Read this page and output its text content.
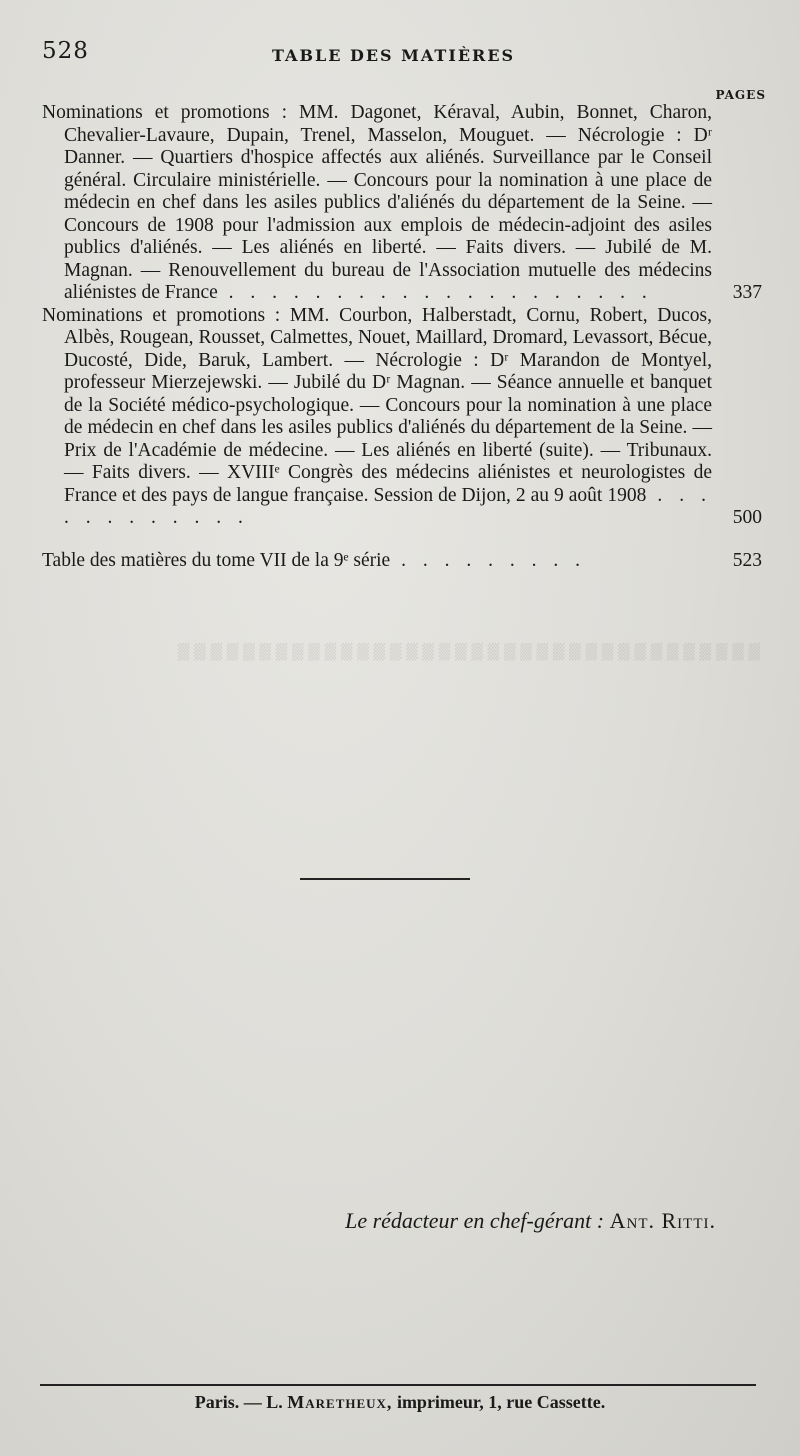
▒ ▒ ▒ ▒ ▒ ▒ ▒ ▒ ▒ ▒ ▒ ▒ ▒ ▒ ▒ ▒ ▒ ▒ ▒ ▒ ▒ ▒ ▒ ▒ ▒ ▒ ▒ ▒ ▒ ▒ ▒ ▒ ▒ ▒ ▒ ▒
528	TABLE DES MATIÈRES
PAGES
Nominations et promotions : MM. Dagonet, Kéraval, Aubin, Bonnet, Charon, Chevalier-Lavaure, Dupain, Trenel, Masselon, Mouguet. — Nécrologie : Dʳ Danner. — Quartiers d'hospice affectés aux aliénés. Surveillance par le Conseil général. Circulaire ministérielle. — Concours pour la nomination à une place de médecin en chef dans les asiles publics d'aliénés du département de la Seine. — Concours de 1908 pour l'admission aux emplois de médecin-adjoint des asiles publics d'aliénés. — Les aliénés en liberté. — Faits divers. — Jubilé de M. Magnan. — Renouvellement du bureau de l'Association mutuelle des médecins aliénistes de France . . . . . . . . . . . . . . . . . . . .	337
Nominations et promotions : MM. Courbon, Halberstadt, Cornu, Robert, Ducos, Albès, Rougean, Rousset, Calmettes, Nouet, Maillard, Dromard, Levassort, Bécue, Ducosté, Dide, Baruk, Lambert. — Nécrologie : Dʳ Marandon de Montyel, professeur Mierzejewski. — Jubilé du Dʳ Magnan. — Séance annuelle et banquet de la Société médico-psychologique. — Concours pour la nomination à une place de médecin en chef dans les asiles publics d'aliénés du département de la Seine. — Prix de l'Académie de médecine. — Les aliénés en liberté (suite). — Tribunaux. — Faits divers. — XVIIIᵉ Congrès des médecins aliénistes et neurologistes de France et des pays de langue française. Session de Dijon, 2 au 9 août 1908 . . . . . . . . . . . .	500
Table des matières du tome VII de la 9ᵉ série . . . . . . . . .	523
Le rédacteur en chef-gérant : Ant. Ritti.
Paris. — L. Maretheux, imprimeur, 1, rue Cassette.
